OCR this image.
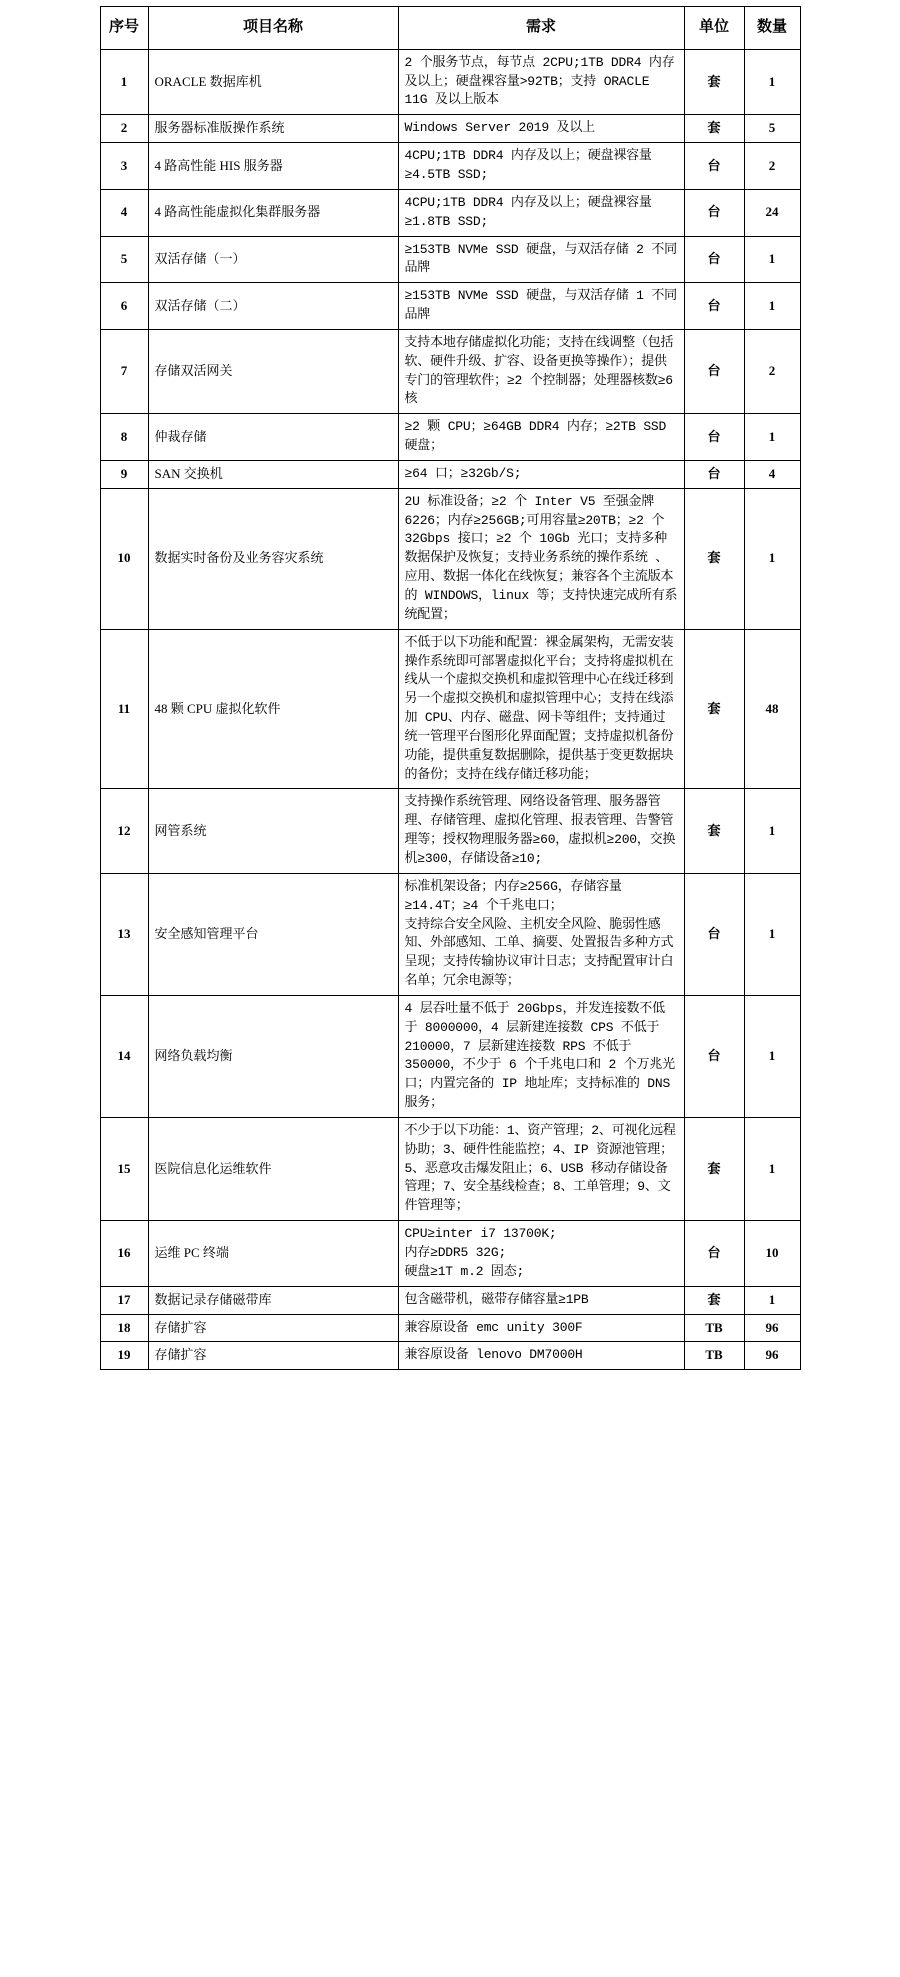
序号	项目名称	需求	单位	数量
1	ORACLE 数据库机	2 个服务节点，每节点 2CPU;1TB DDR4 内存及以上；硬盘裸容量>92TB；支持 ORACLE 11G 及以上版本	套	1
2	服务器标准版操作系统	Windows Server 2019 及以上	套	5
3	4 路高性能 HIS 服务器	4CPU;1TB DDR4 内存及以上；硬盘裸容量≥4.5TB SSD;	台	2
4	4 路高性能虚拟化集群服务器	4CPU;1TB DDR4 内存及以上；硬盘裸容量≥1.8TB SSD;	台	24
5	双活存储（一）	≥153TB NVMe SSD 硬盘，与双活存储 2 不同品牌	台	1
6	双活存储（二）	≥153TB NVMe SSD 硬盘，与双活存储 1 不同品牌	台	1
7	存储双活网关	支持本地存储虚拟化功能；支持在线调整（包括软、硬件升级、扩容、设备更换等操作）；提供专门的管理软件；≥2 个控制器；处理器核数≥6 核	台	2
8	仲裁存储	≥2 颗 CPU；≥64GB DDR4 内存；≥2TB SSD 硬盘；	台	1
9	SAN 交换机	≥64 口；≥32Gb/S;	台	4
10	数据实时备份及业务容灾系统	2U 标准设备；≥2 个 Inter V5 至强金牌 6226；内存≥256GB;可用容量≥20TB；≥2 个 32Gbps 接口；≥2 个 10Gb 光口；支持多种数据保护及恢复；支持业务系统的操作系统 、应用、数据一体化在线恢复；兼容各个主流版本的 WINDOWS，linux 等；支持快速完成所有系统配置；	套	1
11	48 颗 CPU 虚拟化软件	不低于以下功能和配置：裸金属架构，无需安装操作系统即可部署虚拟化平台；支持将虚拟机在线从一个虚拟交换机和虚拟管理中心在线迁移到另一个虚拟交换机和虚拟管理中心；支持在线添加 CPU、内存、磁盘、网卡等组件；支持通过统一管理平台图形化界面配置；支持虚拟机备份功能，提供重复数据删除，提供基于变更数据块的备份；支持在线存储迁移功能；	套	48
12	网管系统	支持操作系统管理、网络设备管理、服务器管理、存储管理、虚拟化管理、报表管理、告警管理等；授权物理服务器≥60，虚拟机≥200，交换机≥300，存储设备≥10;	套	1
13	安全感知管理平台	标准机架设备；内存≥256G，存储容量≥14.4T；≥4 个千兆电口；

支持综合安全风险、主机安全风险、脆弱性感知、外部感知、工单、摘要、处置报告多种方式呈现；支持传输协议审计日志；支持配置审计白名单；冗余电源等；	台	1
14	网络负载均衡	4 层吞吐量不低于 20Gbps，并发连接数不低于 8000000，4 层新建连接数 CPS 不低于 210000，7 层新建连接数 RPS 不低于 350000，不少于 6 个千兆电口和 2 个万兆光口；内置完备的 IP 地址库；支持标准的 DNS 服务；	台	1
15	医院信息化运维软件	不少于以下功能：1、资产管理；2、可视化远程协助；3、硬件性能监控；4、IP 资源池管理；5、恶意攻击爆发阻止；6、USB 移动存储设备管理；7、安全基线检查；8、工单管理；9、文件管理等；	套	1
16	运维 PC 终端	CPU≥inter i7 13700K;

内存≥DDR5 32G;

硬盘≥1T m.2 固态;	台	10
17	数据记录存储磁带库	包含磁带机，磁带存储容量≥1PB	套	1
18	存储扩容	兼容原设备 emc unity 300F	TB	96
19	存储扩容	兼容原设备 lenovo DM7000H	TB	96
